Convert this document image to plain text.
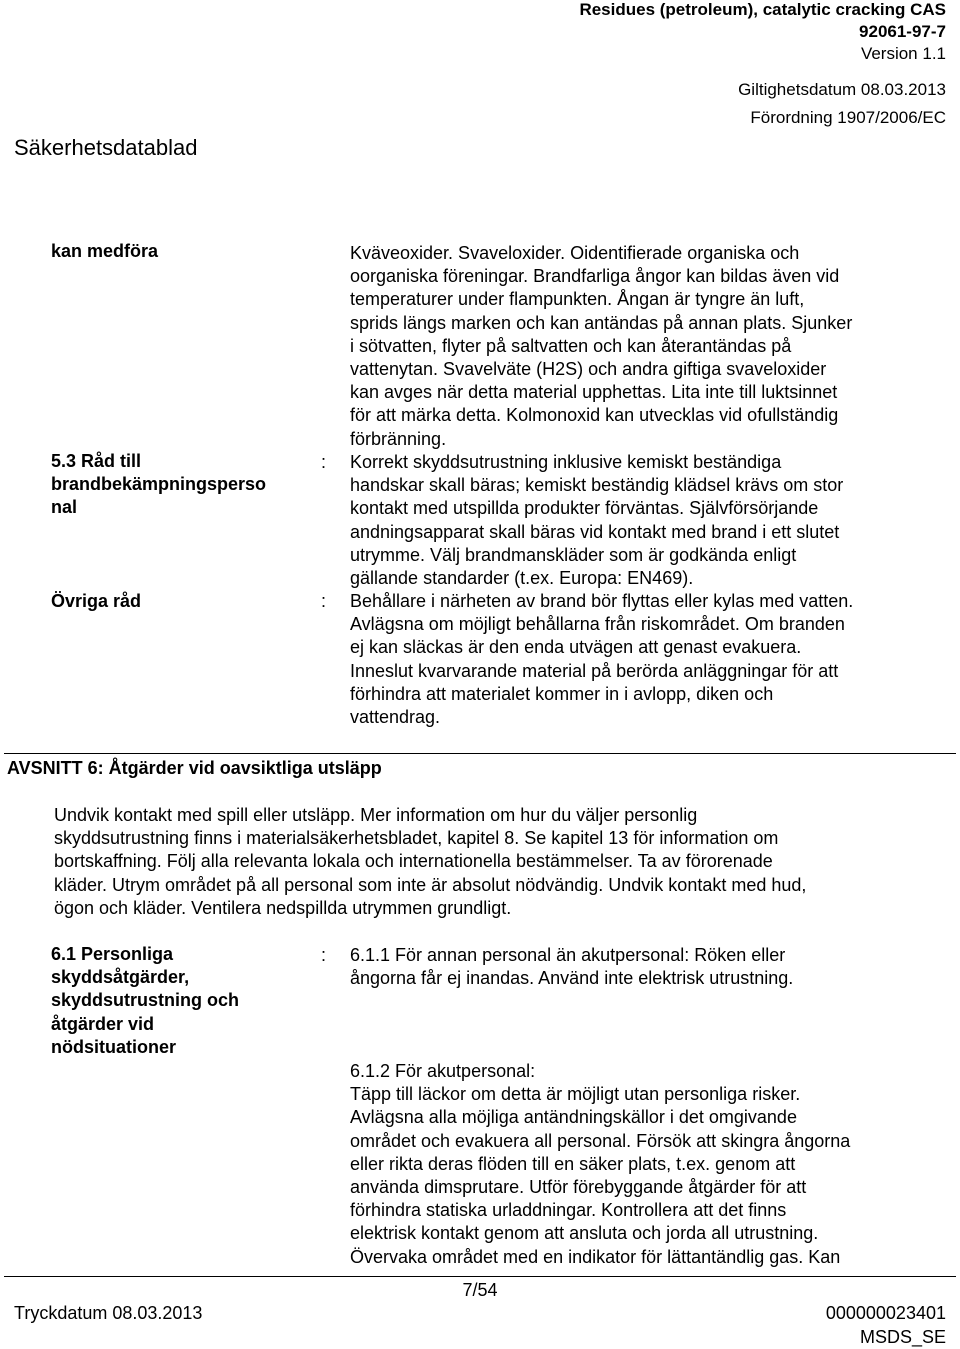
Residues (petroleum), catalytic cracking CAS
92061-97-7
Version 1.1
Giltighetsdatum 08.03.2013
Säkerhetsdatablad
Förordning 1907/2006/EC
kan medföra	Kväveoxider. Svaveloxider. Oidentifierade organiska och
oorganiska föreningar. Brandfarliga ångor kan bildas även vid
temperaturer under flampunkten. Ångan är tyngre än luft,
sprids längs marken och kan antändas på annan plats. Sjunker
i sötvatten, flyter på saltvatten och kan återantändas på
vattenytan. Svavelväte (H2S) och andra giftiga svaveloxider
kan avges när detta material upphettas. Lita inte till luktsinnet
för att märka detta. Kolmonoxid kan utvecklas vid ofullständig
förbränning.
5.3 Råd till
brandbekämpningsperso
nal
: Korrekt skyddsutrustning inklusive kemiskt beständiga
handskar skall bäras; kemiskt beständig klädsel krävs om stor
kontakt med utspillda produkter förväntas. Självförsörjande
andningsapparat skall bäras vid kontakt med brand i ett slutet
utrymme. Välj brandmanskläder som är godkända enligt
gällande standarder (t.ex. Europa: EN469).
Övriga råd	: Behållare i närheten av brand bör flyttas eller kylas med vatten.
Avlägsna om möjligt behållarna från riskområdet. Om branden
ej kan släckas är den enda utvägen att genast evakuera.
Inneslut kvarvarande material på berörda anläggningar för att
förhindra att materialet kommer in i avlopp, diken och
vattendrag.
AVSNITT 6: Åtgärder vid oavsiktliga utsläpp
Undvik kontakt med spill eller utsläpp. Mer information om hur du väljer personlig
skyddsutrustning finns i materialsäkerhetsbladet, kapitel 8. Se kapitel 13 för information om
bortskaffning. Följ alla relevanta lokala och internationella bestämmelser. Ta av förorenade
kläder. Utrym området på all personal som inte är absolut nödvändig. Undvik kontakt med hud,
ögon och kläder. Ventilera nedspillda utrymmen grundligt.
6.1 Personliga
skyddsåtgärder,
skyddsutrustning och
åtgärder vid
nödsituationer
: 6.1.1 För annan personal än akutpersonal: Röken eller
ångorna får ej inandas. Använd inte elektrisk utrustning.
6.1.2 För akutpersonal:
Täpp till läckor om detta är möjligt utan personliga risker.
Avlägsna alla möjliga antändningskällor i det omgivande
området och evakuera all personal. Försök att skingra ångorna
eller rikta deras flöden till en säker plats, t.ex. genom att
använda dimsprutare. Utför förebyggande åtgärder för att
förhindra statiska urladdningar. Kontrollera att det finns
elektrisk kontakt genom att ansluta och jorda all utrustning.
Övervaka området med en indikator för lättantändlig gas. Kan
7/54
Tryckdatum 08.03.2013	000000023401
MSDS_SE
